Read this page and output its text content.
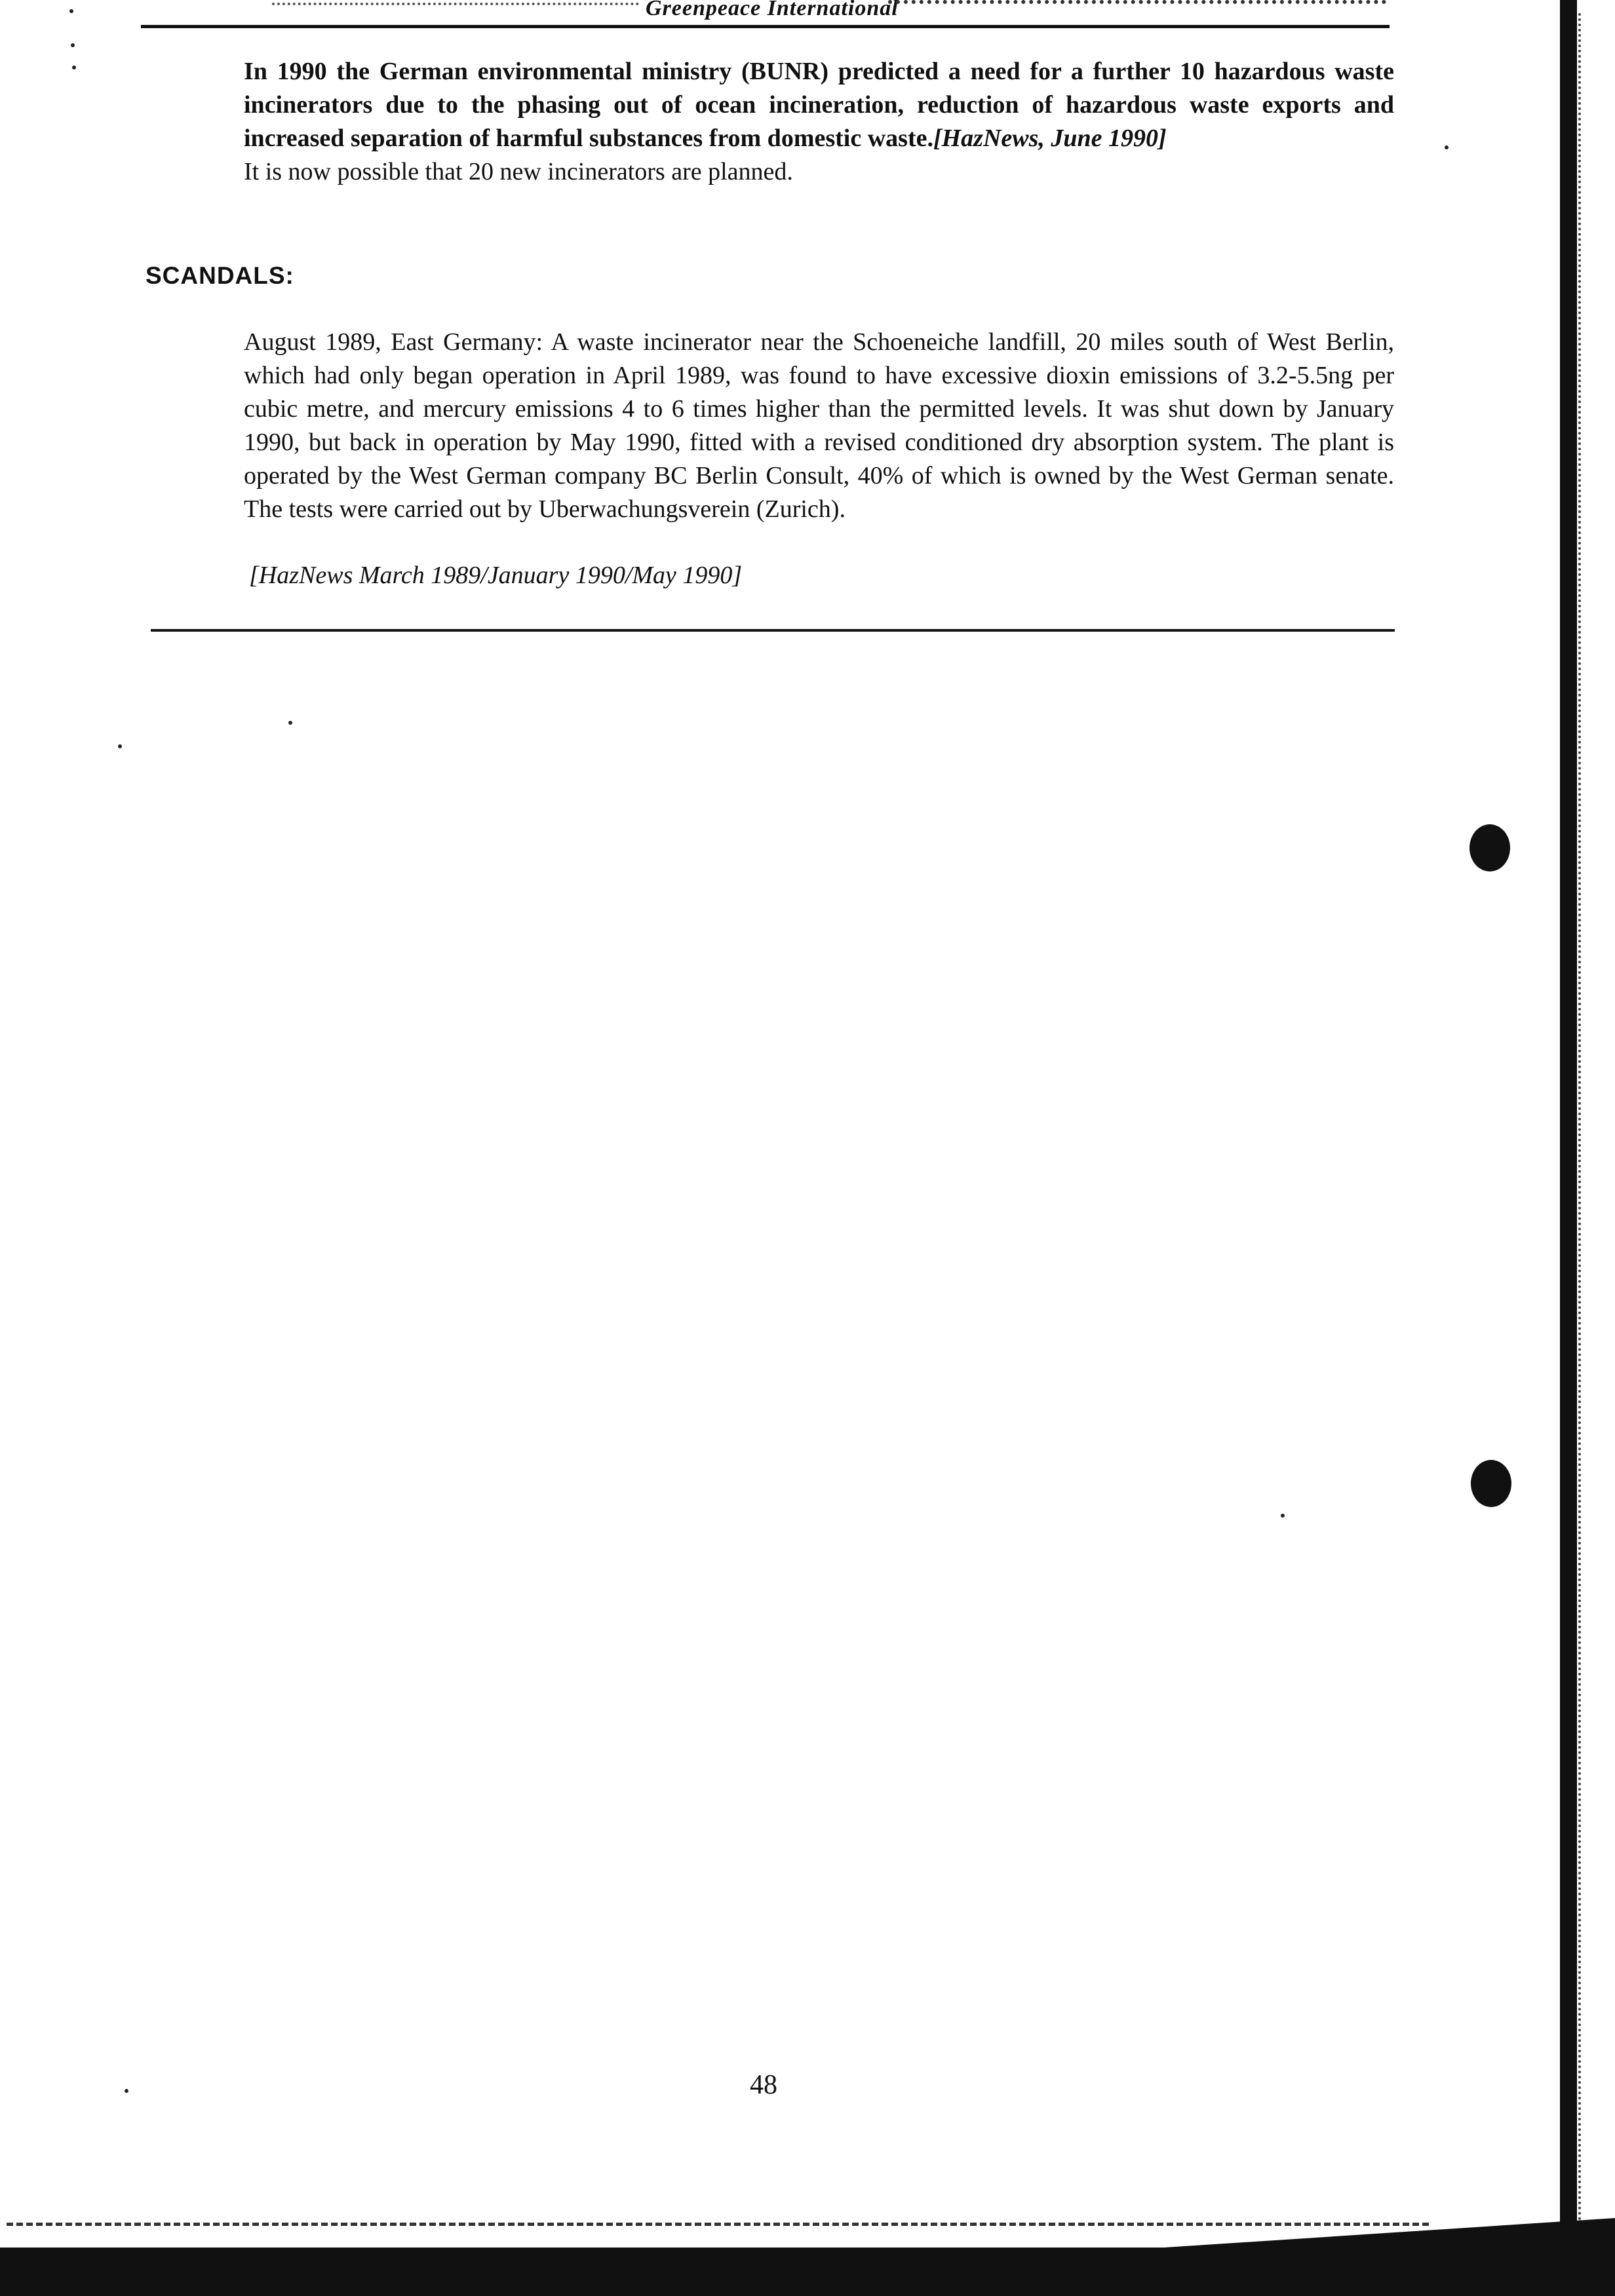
Greenpeace International
In 1990 the German environmental ministry (BUNR) predicted a need for a further 10 hazardous waste incinerators due to the phasing out of ocean incineration, reduction of hazardous waste exports and increased separation of harmful substances from domestic waste.[HazNews, June 1990]
It is now possible that 20 new incinerators are planned.
SCANDALS:
August 1989, East Germany: A waste incinerator near the Schoeneiche landfill, 20 miles south of West Berlin, which had only began operation in April 1989, was found to have excessive dioxin emissions of 3.2-5.5ng per cubic metre, and mercury emissions 4 to 6 times higher than the permitted levels. It was shut down by January 1990, but back in operation by May 1990, fitted with a revised conditioned dry absorption system. The plant is operated by the West German company BC Berlin Consult, 40% of which is owned by the West German senate. The tests were carried out by Uberwachungsverein (Zurich).
[HazNews March 1989/January 1990/May 1990]
48
